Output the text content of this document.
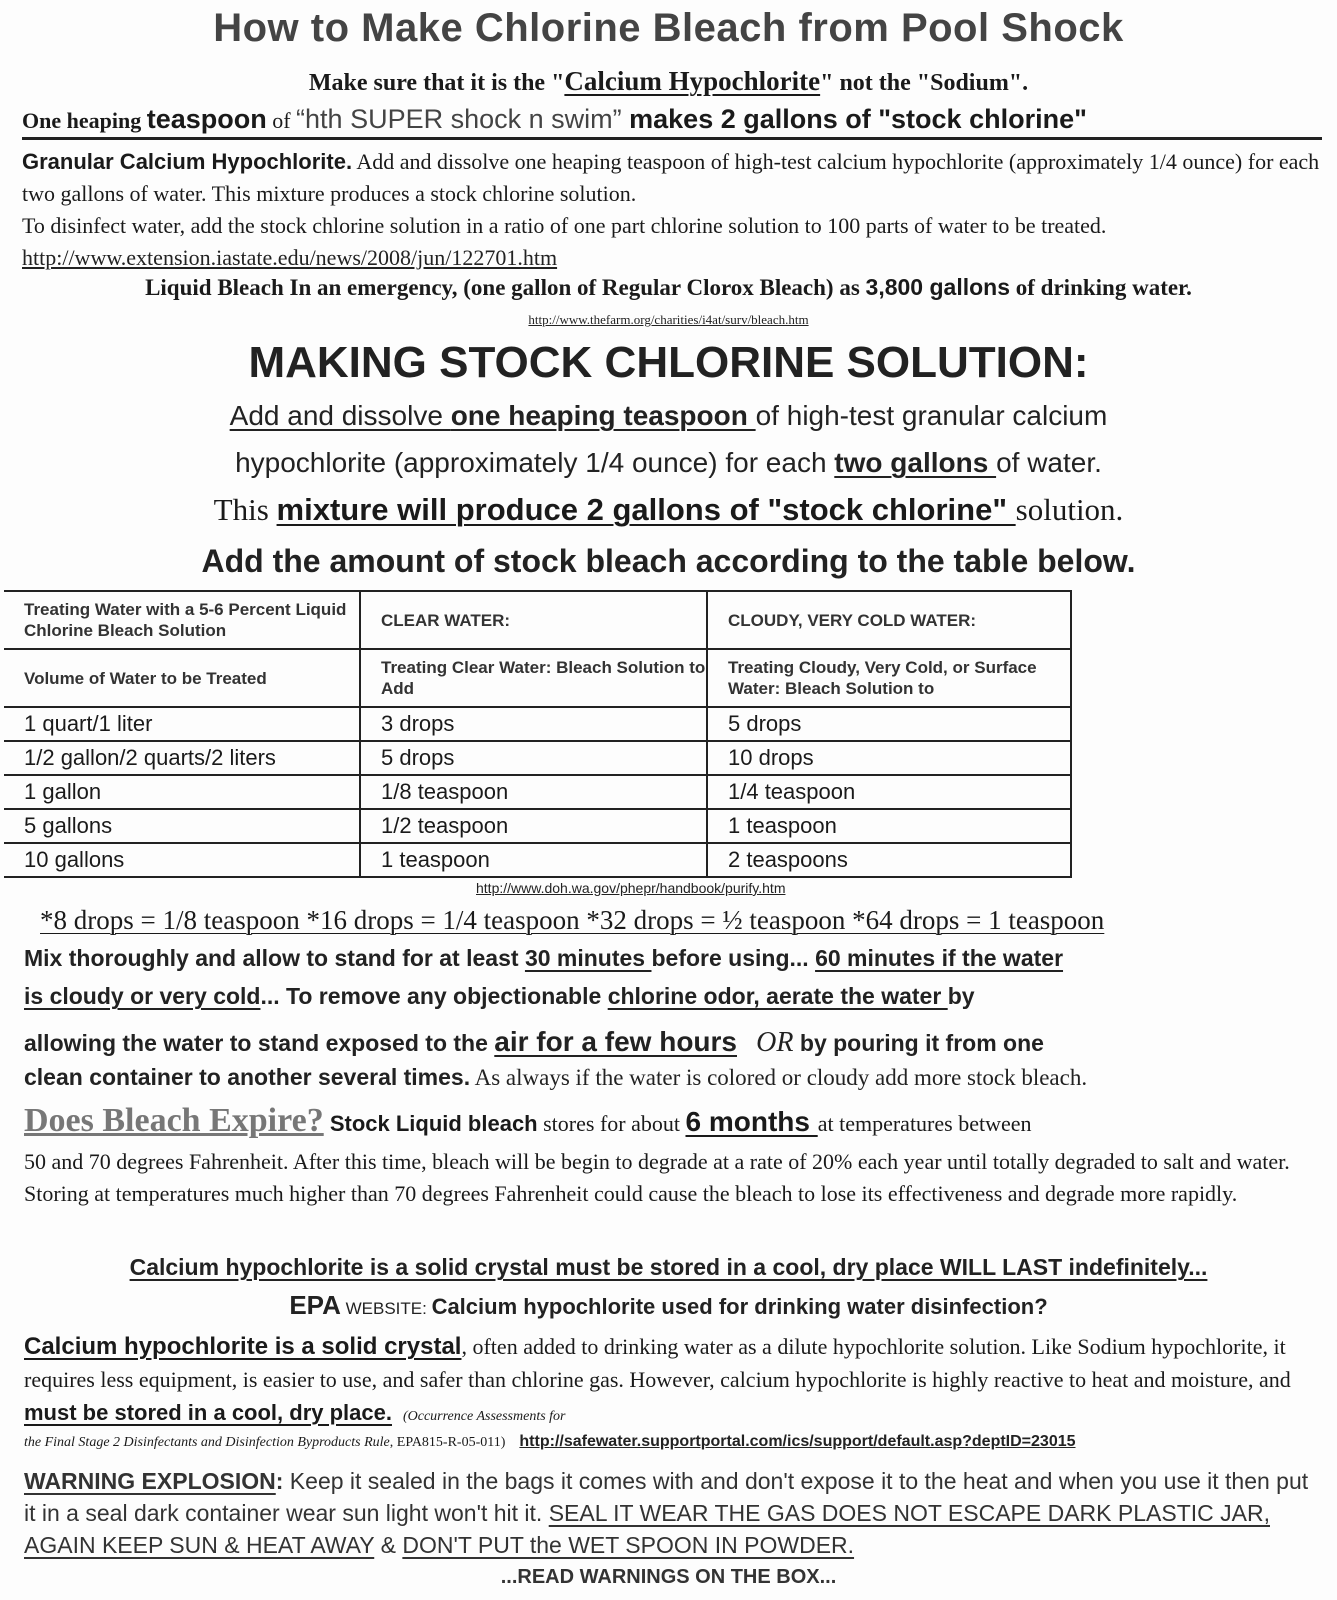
How to Make Chlorine Bleach from Pool Shock
Make sure that it is the "Calcium Hypochlorite" not the "Sodium".
One heaping teaspoon of “hth SUPER shock n swim” makes 2 gallons of "stock chlorine"
Granular Calcium Hypochlorite. Add and dissolve one heaping teaspoon of high-test calcium hypochlorite (approximately 1/4 ounce) for each two gallons of water. This mixture produces a stock chlorine solution.
To disinfect water, add the stock chlorine solution in a ratio of one part chlorine solution to 100 parts of water to be treated. http://www.extension.iastate.edu/news/2008/jun/122701.htm
Liquid Bleach In an emergency, (one gallon of Regular Clorox Bleach) as 3,800 gallons of drinking water.
http://www.thefarm.org/charities/i4at/surv/bleach.htm
MAKING STOCK CHLORINE SOLUTION:
Add and dissolve one heaping teaspoon of high-test granular calcium
hypochlorite (approximately 1/4 ounce) for each two gallons of water.
This mixture will produce 2 gallons of "stock chlorine" solution.
Add the amount of stock bleach according to the table below.
Treating Water with a 5-6 Percent Liquid Chlorine Bleach Solution	CLEAR WATER:	CLOUDY, VERY COLD WATER:
Volume of Water to be Treated	Treating Clear Water: Bleach Solution to Add	Treating Cloudy, Very Cold, or Surface Water: Bleach Solution to
1 quart/1 liter	3 drops	5 drops
1/2 gallon/2 quarts/2 liters	5 drops	10 drops
1 gallon	1/8 teaspoon	1/4 teaspoon
5 gallons	1/2 teaspoon	1 teaspoon
10 gallons	1 teaspoon	2 teaspoons
http://www.doh.wa.gov/phepr/handbook/purify.htm
*8 drops = 1/8 teaspoon *16 drops = 1/4 teaspoon *32 drops = ½ teaspoon *64 drops = 1 teaspoon
Mix thoroughly and allow to stand for at least 30 minutes before using... 60 minutes if the water
is cloudy or very cold... To remove any objectionable chlorine odor, aerate the water by
allowing the water to stand exposed to the air for a few hours OR by pouring it from one
clean container to another several times. As always if the water is colored or cloudy add more stock bleach.
Does Bleach Expire? Stock Liquid bleach stores for about 6 months at temperatures between
50 and 70 degrees Fahrenheit. After this time, bleach will be begin to degrade at a rate of 20% each year until totally degraded to salt and water. Storing at temperatures much higher than 70 degrees Fahrenheit could cause the bleach to lose its effectiveness and degrade more rapidly.
Calcium hypochlorite is a solid crystal must be stored in a cool, dry place WILL LAST indefinitely...
EPA WEBSITE: Calcium hypochlorite used for drinking water disinfection?
Calcium hypochlorite is a solid crystal, often added to drinking water as a dilute hypochlorite solution. Like Sodium hypochlorite, it requires less equipment, is easier to use, and safer than chlorine gas. However, calcium hypochlorite is highly reactive to heat and moisture, and must be stored in a cool, dry place. (Occurrence Assessments for
the Final Stage 2 Disinfectants and Disinfection Byproducts Rule, EPA815-R-05-011) http://safewater.supportportal.com/ics/support/default.asp?deptID=23015
WARNING EXPLOSION: Keep it sealed in the bags it comes with and don't expose it to the heat and when you use it then put it in a seal dark container wear sun light won't hit it. SEAL IT WEAR THE GAS DOES NOT ESCAPE DARK PLASTIC JAR, AGAIN KEEP SUN & HEAT AWAY & DON'T PUT the WET SPOON IN POWDER.
...READ WARNINGS ON THE BOX...
